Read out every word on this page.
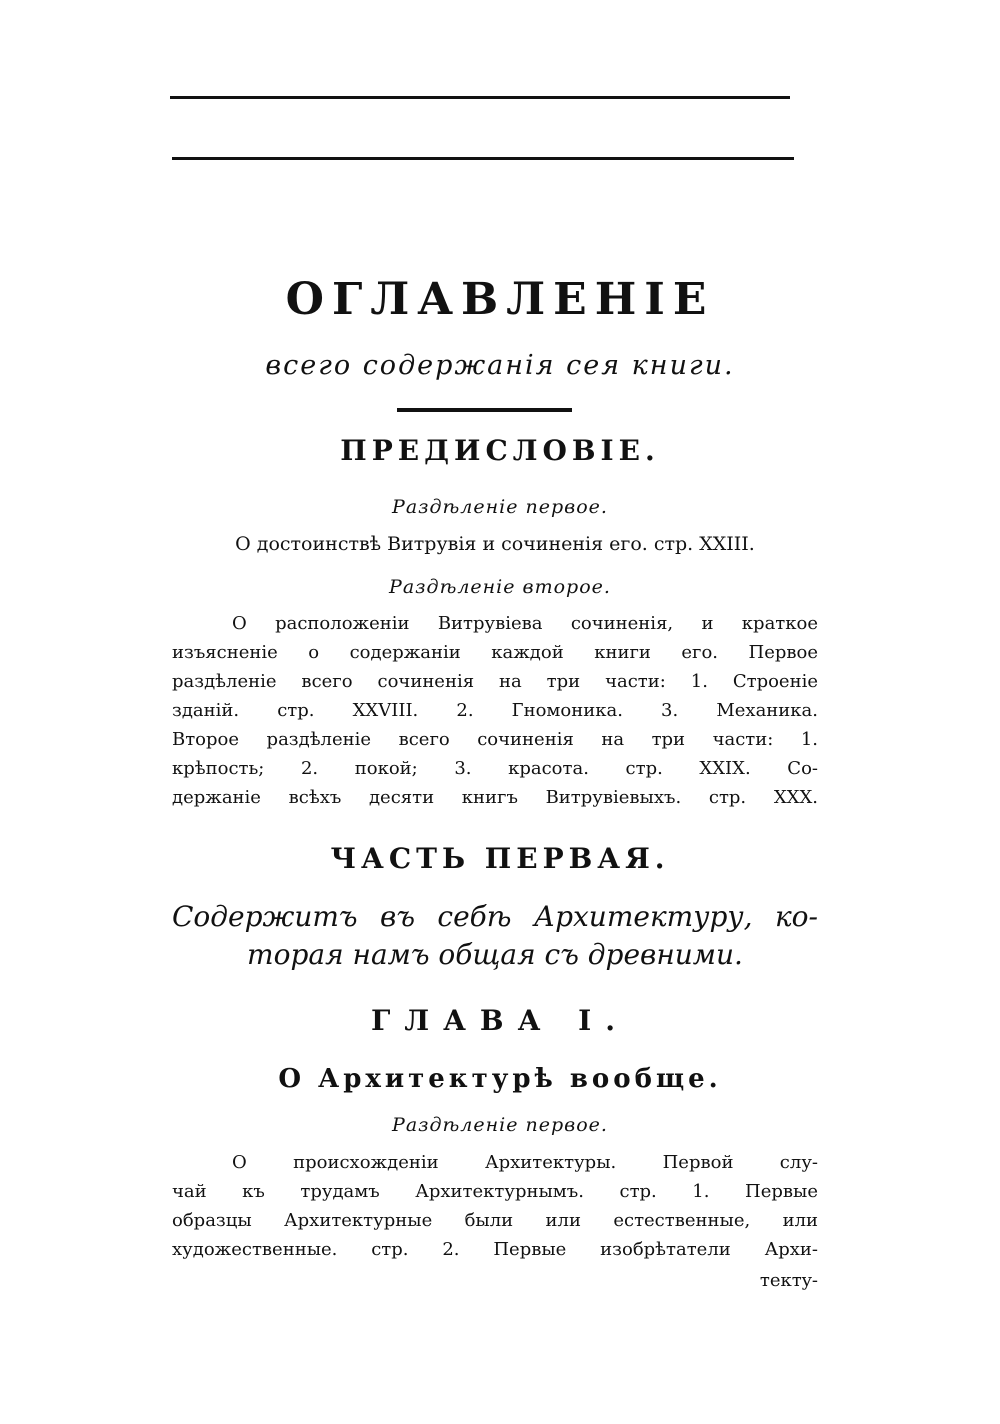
ОГЛАВЛЕНІЕ
всего содержанія сея книги.
ПРЕДИСЛОВІЕ.
Раздѣленіе первое.
О достоинствѣ Витрувія и сочиненія его. стр. XXIII.
Раздѣленіе второе.
О расположеніи Витрувіева сочиненія, и краткое
изъясненіе о содержаніи каждой книги его. Первое
раздѣленіе всего сочиненія на три части: 1. Строеніе
зданій. стр. XXVIII. 2. Гномоника. 3. Механика.
Второе раздѣленіе всего сочиненія на три части: 1.
крѣпость; 2. покой; 3. красота. стр. XXIX. Со-
держаніе всѣхъ десяти книгъ Витрувіевыхъ. стр. XXX.
ЧАСТЬ ПЕРВАЯ.
Содержитъ въ себѣ Архитектуру, ко-
торая намъ общая съ древними.
ГЛАВА I.
О Архитектурѣ вообще.
Раздѣленіе первое.
О происхожденіи Архитектуры. Первой слу-
чай къ трудамъ Архитектурнымъ. стр. 1. Первые
образцы Архитектурные были или естественные, или
художественные. стр. 2. Первые изобрѣтатели Архи-
тектy-
